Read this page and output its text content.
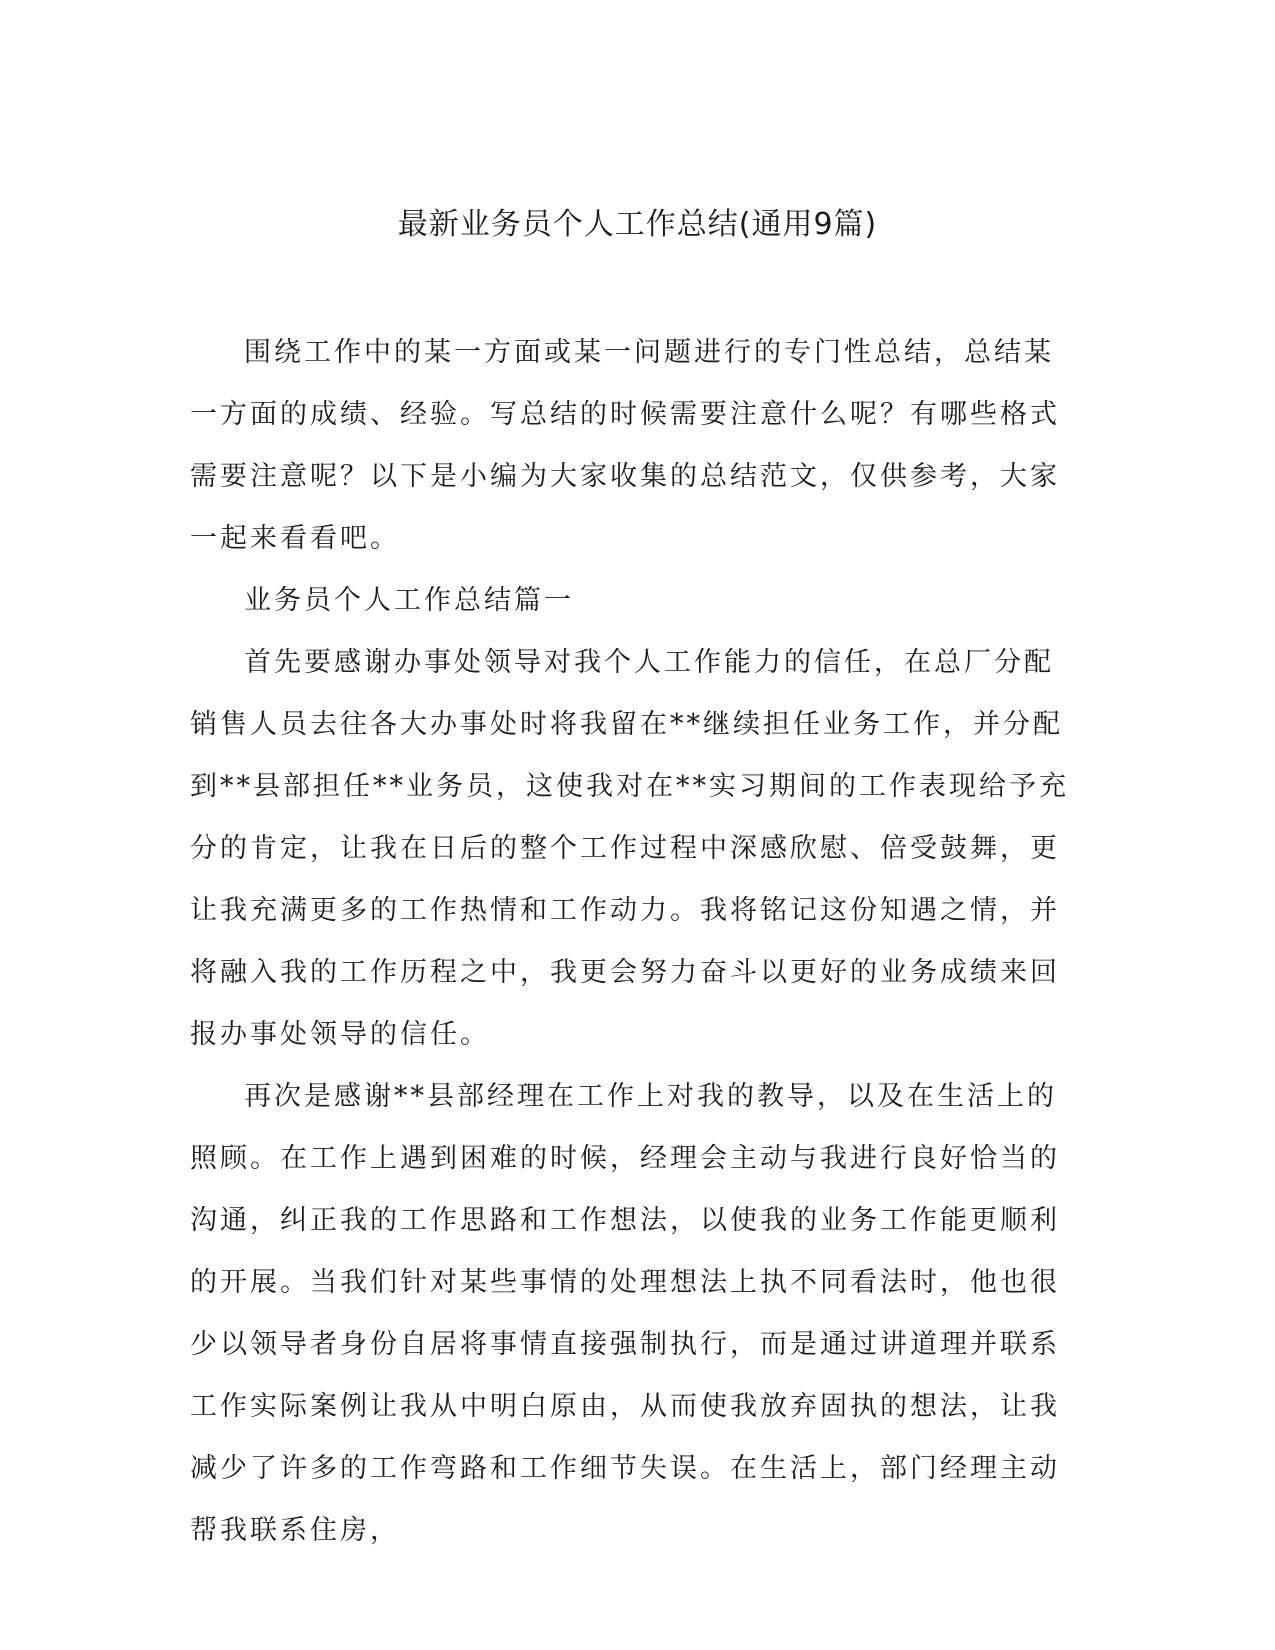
最新业务员个人工作总结(通用9篇)

围绕工作中的某一方面或某一问题进行的专门性总结，总结某一方面的成绩、经验。写总结的时候需要注意什么呢？有哪些格式需要注意呢？以下是小编为大家收集的总结范文，仅供参考，大家一起来看看吧。

业务员个人工作总结篇一

首先要感谢办事处领导对我个人工作能力的信任，在总厂分配销售人员去往各大办事处时将我留在**继续担任业务工作，并分配到**县部担任**业务员，这使我对在**实习期间的工作表现给予充分的肯定，让我在日后的整个工作过程中深感欣慰、倍受鼓舞，更让我充满更多的工作热情和工作动力。我将铭记这份知遇之情，并将融入我的工作历程之中，我更会努力奋斗以更好的业务成绩来回报办事处领导的信任。

再次是感谢**县部经理在工作上对我的教导，以及在生活上的照顾。在工作上遇到困难的时候，经理会主动与我进行良好恰当的沟通，纠正我的工作思路和工作想法，以使我的业务工作能更顺利的开展。当我们针对某些事情的处理想法上执不同看法时，他也很少以领导者身份自居将事情直接强制执行，而是通过讲道理并联系工作实际案例让我从中明白原由，从而使我放弃固执的想法，让我减少了许多的工作弯路和工作细节失误。在生活上，部门经理主动帮我联系住房，
